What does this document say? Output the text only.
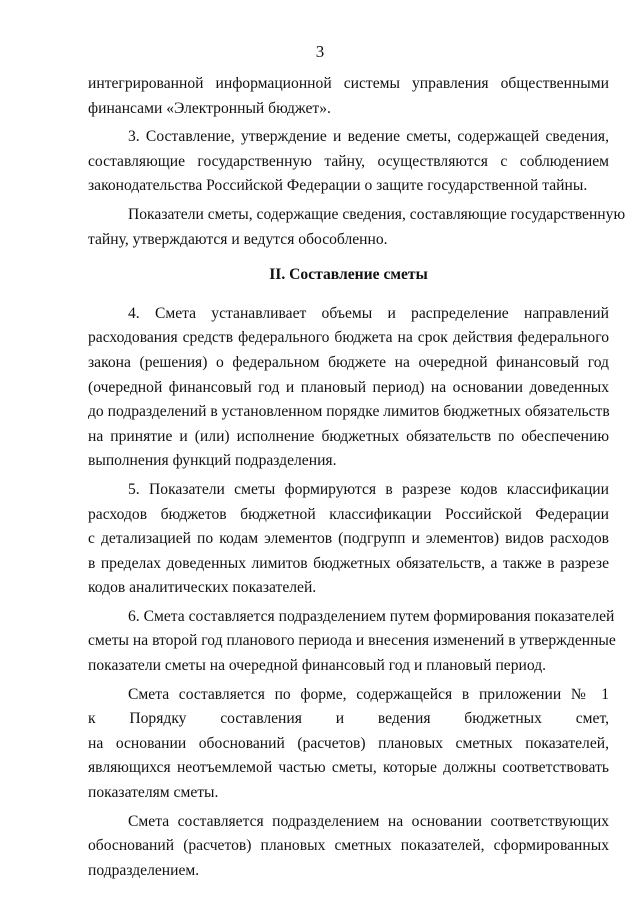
3
интегрированной информационной системы управления общественными
финансами «Электронный бюджет».
3. Составление, утверждение и ведение сметы, содержащей сведения,
составляющие государственную тайну, осуществляются с соблюдением
законодательства Российской Федерации о защите государственной тайны.
Показатели сметы, содержащие сведения, составляющие государственную
тайну, утверждаются и ведутся обособленно.
II. Составление сметы
4. Смета устанавливает объемы и распределение направлений
расходования средств федерального бюджета на срок действия федерального
закона (решения) о федеральном бюджете на очередной финансовый год
(очередной финансовый год и плановый период) на основании доведенных
до подразделений в установленном порядке лимитов бюджетных обязательств
на принятие и (или) исполнение бюджетных обязательств по обеспечению
выполнения функций подразделения.
5. Показатели сметы формируются в разрезе кодов классификации
расходов бюджетов бюджетной классификации Российской Федерации
с детализацией по кодам элементов (подгрупп и элементов) видов расходов
в пределах доведенных лимитов бюджетных обязательств, а также в разрезе
кодов аналитических показателей.
6. Смета составляется подразделением путем формирования показателей
сметы на второй год планового периода и внесения изменений в утвержденные
показатели сметы на очередной финансовый год и плановый период.
Смета составляется по форме, содержащейся в приложении № 1
к Порядку составления и ведения бюджетных смет,
на основании обоснований (расчетов) плановых сметных показателей,
являющихся неотъемлемой частью сметы, которые должны соответствовать
показателям сметы.
Смета составляется подразделением на основании соответствующих
обоснований (расчетов) плановых сметных показателей, сформированных
подразделением.
